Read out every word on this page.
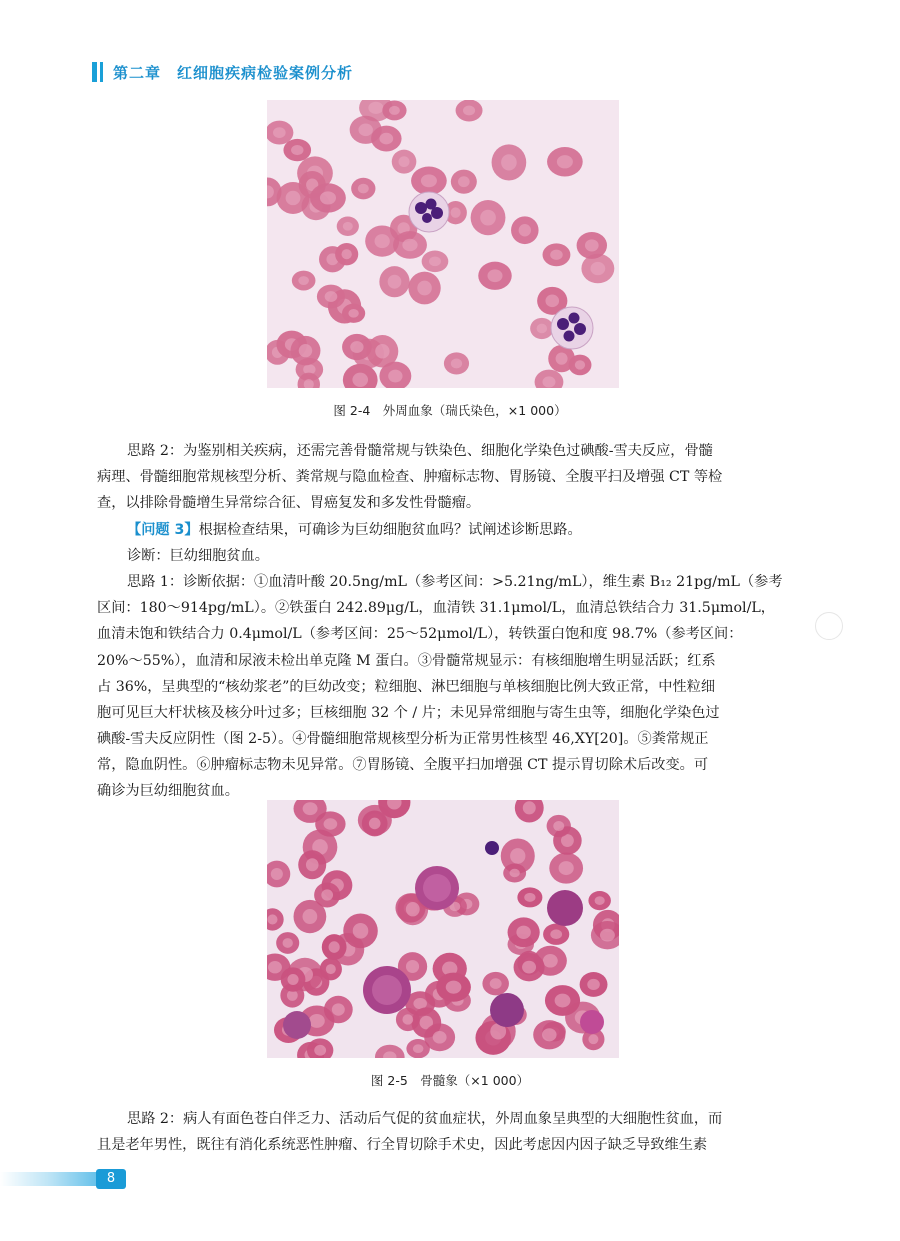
第二章　红细胞疾病检验案例分析
图 2-4　外周血象（瑞氏染色，×1 000）
思路 2：为鉴别相关疾病，还需完善骨髓常规与铁染色、细胞化学染色过碘酸-雪夫反应，骨髓
病理、骨髓细胞常规核型分析、粪常规与隐血检查、肿瘤标志物、胃肠镜、全腹平扫及增强 CT 等检
查，以排除骨髓增生异常综合征、胃癌复发和多发性骨髓瘤。
【问题 3】根据检查结果，可确诊为巨幼细胞贫血吗？试阐述诊断思路。
诊断：巨幼细胞贫血。
思路 1：诊断依据：①血清叶酸 20.5ng/mL（参考区间：>5.21ng/mL），维生素 B₁₂ 21pg/mL（参考
区间：180～914pg/mL）。②铁蛋白 242.89μg/L，血清铁 31.1μmol/L，血清总铁结合力 31.5μmol/L，
血清未饱和铁结合力 0.4μmol/L（参考区间：25～52μmol/L），转铁蛋白饱和度 98.7%（参考区间：
20%～55%），血清和尿液未检出单克隆 M 蛋白。③骨髓常规显示：有核细胞增生明显活跃；红系
占 36%，呈典型的“核幼浆老”的巨幼改变；粒细胞、淋巴细胞与单核细胞比例大致正常，中性粒细
胞可见巨大杆状核及核分叶过多；巨核细胞 32 个 / 片；未见异常细胞与寄生虫等，细胞化学染色过
碘酸-雪夫反应阴性（图 2-5）。④骨髓细胞常规核型分析为正常男性核型 46,XY[20]。⑤粪常规正
常，隐血阴性。⑥肿瘤标志物未见异常。⑦胃肠镜、全腹平扫加增强 CT 提示胃切除术后改变。可
确诊为巨幼细胞贫血。
图 2-5　骨髓象（×1 000）
思路 2：病人有面色苍白伴乏力、活动后气促的贫血症状，外周血象呈典型的大细胞性贫血，而
且是老年男性，既往有消化系统恶性肿瘤、行全胃切除手术史，因此考虑因内因子缺乏导致维生素
8
